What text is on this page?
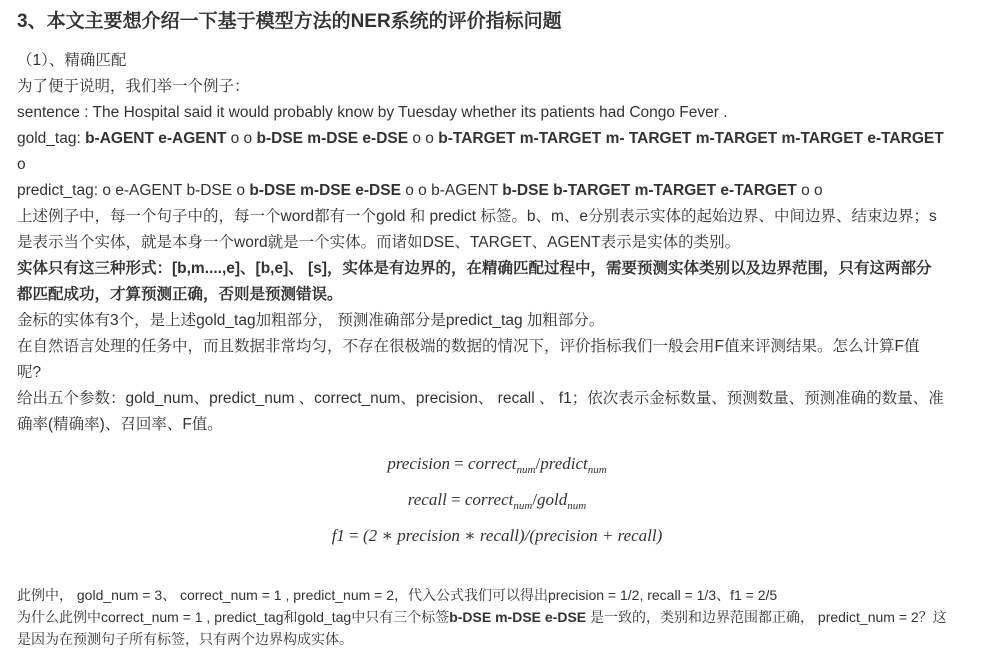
3、本文主要想介绍一下基于模型方法的NER系统的评价指标问题
（1）、精确匹配
为了便于说明，我们举一个例子：
sentence : The Hospital said it would probably know by Tuesday whether its patients had Congo Fever .
gold_tag: b-AGENT e-AGENT o o b-DSE m-DSE e-DSE o o b-TARGET m-TARGET m- TARGET m-TARGET m-TARGET e-TARGET
o
predict_tag: o e-AGENT b-DSE o b-DSE m-DSE e-DSE o o b-AGENT b-DSE b-TARGET m-TARGET e-TARGET o o
上述例子中，每一个句子中的，每一个word都有一个gold 和 predict 标签。b、m、e分别表示实体的起始边界、中间边界、结束边界；s
是表示当个实体，就是本身一个word就是一个实体。而诸如DSE、TARGET、AGENT表示是实体的类别。
实体只有这三种形式：[b,m....,e]、[b,e]、 [s]，实体是有边界的，在精确匹配过程中，需要预测实体类别以及边界范围，只有这两部分
都匹配成功，才算预测正确，否则是预测错误。
金标的实体有3个，是上述gold_tag加粗部分， 预测准确部分是predict_tag 加粗部分。
在自然语言处理的任务中，而且数据非常均匀，不存在很极端的数据的情况下，评价指标我们一般会用F值来评测结果。怎么计算F值
呢?
给出五个参数：gold_num、predict_num 、correct_num、precision、 recall 、 f1；依次表示金标数量、预测数量、预测准确的数量、准
确率(精确率)、召回率、F值。
precision = correct$_{num}$/predict$_{num}$
recall = correct$_{num}$/gold$_{num}$
f1 = (2 ∗ precision ∗ recall)/(precision + recall)
此例中， gold_num = 3、 correct_num = 1 , predict_num = 2，代入公式我们可以得出precision = 1/2, recall = 1/3、f1 = 2/5
为什么此例中correct_num = 1 , predict_tag和gold_tag中只有三个标签b-DSE m-DSE e-DSE 是一致的，类别和边界范围都正确， predict_num = 2？这
是因为在预测句子所有标签，只有两个边界构成实体。
